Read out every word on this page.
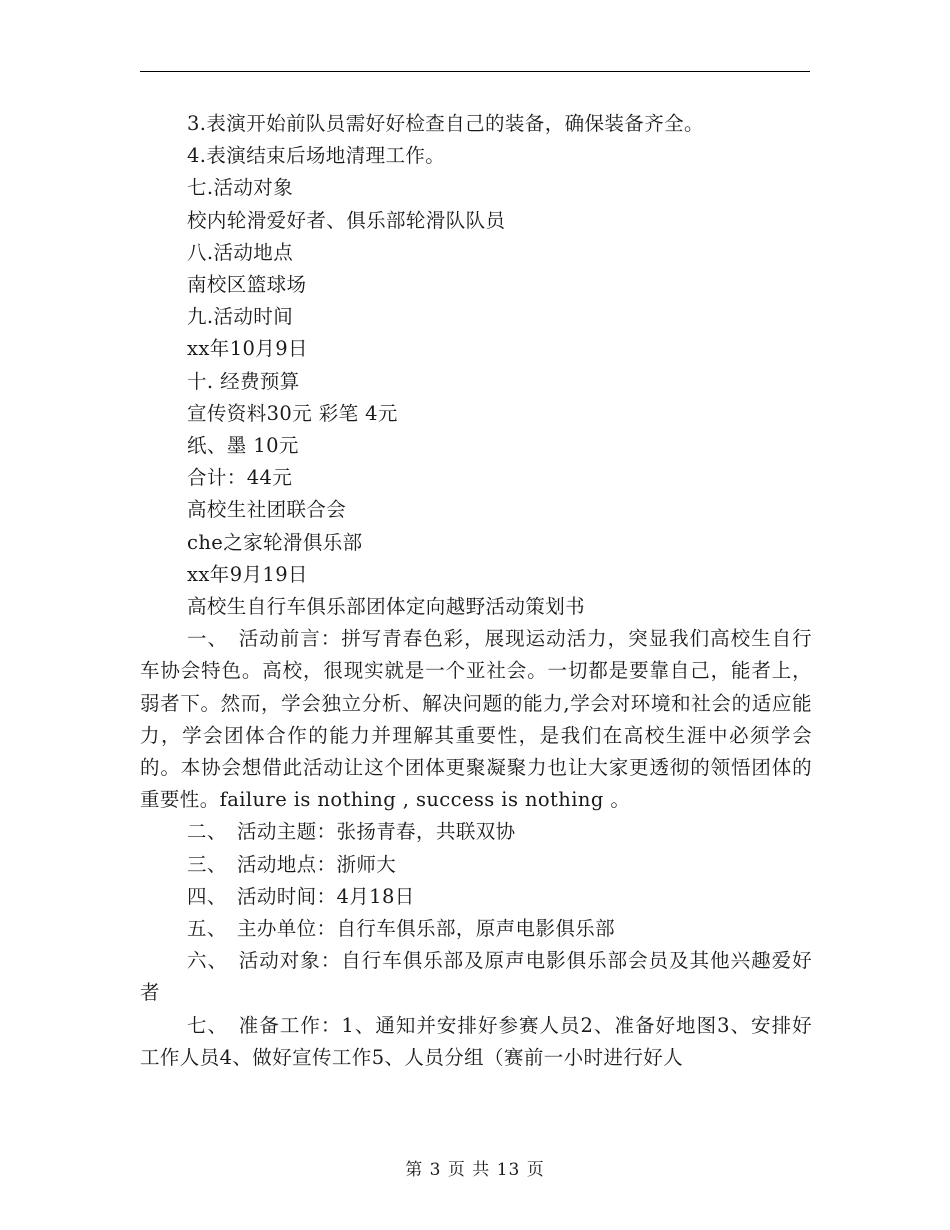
3.表演开始前队员需好好检查自己的装备，确保装备齐全。

4.表演结束后场地清理工作。

七.活动对象

校内轮滑爱好者、俱乐部轮滑队队员

八.活动地点

南校区篮球场

九.活动时间

xx年10月9日

十. 经费预算

宣传资料30元 彩笔 4元

纸、墨 10元

合计：44元

高校生社团联合会

che之家轮滑俱乐部

xx年9月19日

高校生自行车俱乐部团体定向越野活动策划书

一、　活动前言：拼写青春色彩，展现运动活力，突显我们高校生自行车协会特色。高校，很现实就是一个亚社会。一切都是要靠自己，能者上，弱者下。然而，学会独立分析、解决问题的能力,学会对环境和社会的适应能力，学会团体合作的能力并理解其重要性，是我们在高校生涯中必须学会的。本协会想借此活动让这个团体更聚凝聚力也让大家更透彻的领悟团体的重要性。failure is nothing , success is nothing 。

二、　活动主题：张扬青春，共联双协

三、　活动地点：浙师大

四、　活动时间：4月18日

五、　主办单位：自行车俱乐部，原声电影俱乐部

六、　活动对象：自行车俱乐部及原声电影俱乐部会员及其他兴趣爱好者

七、　准备工作：1、通知并安排好参赛人员2、准备好地图3、安排好工作人员4、做好宣传工作5、人员分组（赛前一小时进行好人

第 3 页 共 13 页
